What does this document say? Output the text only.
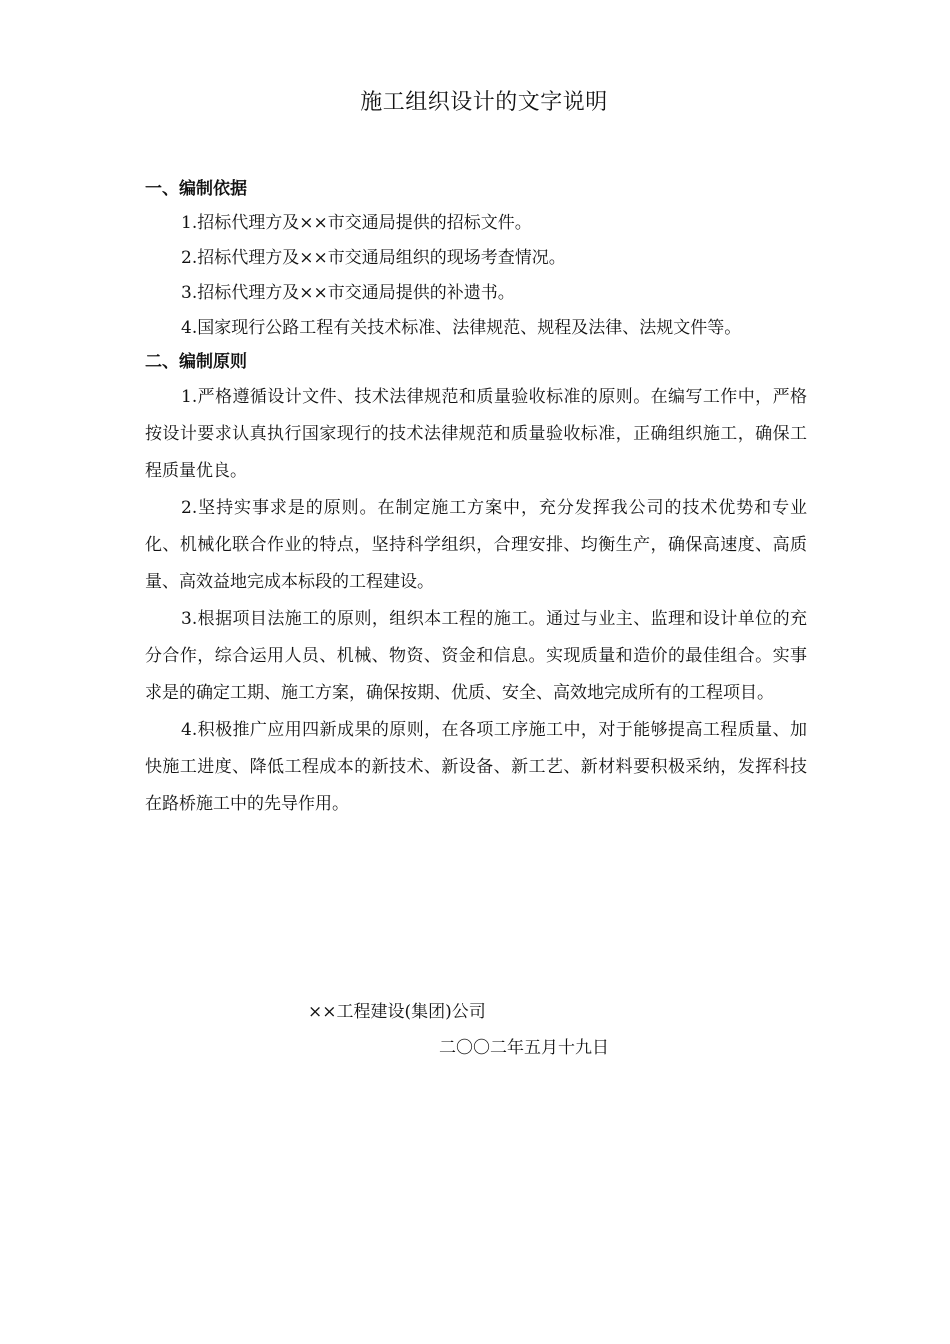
施工组织设计的文字说明
一、编制依据
1.招标代理方及××市交通局提供的招标文件。
2.招标代理方及××市交通局组织的现场考查情况。
3.招标代理方及××市交通局提供的补遗书。
4.国家现行公路工程有关技术标准、法律规范、规程及法律、法规文件等。
二、编制原则

1.严格遵循设计文件、技术法律规范和质量验收标准的原则。在编写工作中，严格按设计要求认真执行国家现行的技术法律规范和质量验收标准，正确组织施工，确保工程质量优良。

2.坚持实事求是的原则。在制定施工方案中，充分发挥我公司的技术优势和专业化、机械化联合作业的特点，坚持科学组织，合理安排、均衡生产，确保高速度、高质量、高效益地完成本标段的工程建设。

3.根据项目法施工的原则，组织本工程的施工。通过与业主、监理和设计单位的充分合作，综合运用人员、机械、物资、资金和信息。实现质量和造价的最佳组合。实事求是的确定工期、施工方案，确保按期、优质、安全、高效地完成所有的工程项目。

4.积极推广应用四新成果的原则，在各项工序施工中，对于能够提高工程质量、加快施工进度、降低工程成本的新技术、新设备、新工艺、新材料要积极采纳，发挥科技在路桥施工中的先导作用。

××工程建设(集团)公司
二〇〇二年五月十九日
